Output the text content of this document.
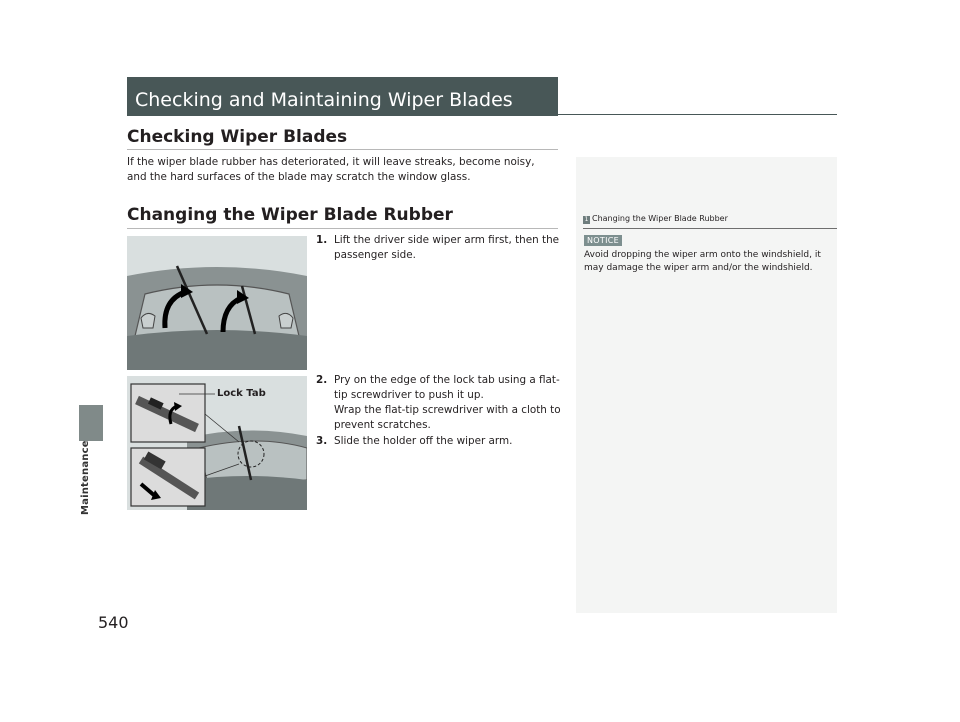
Maintenance
540
Checking and Maintaining Wiper Blades
Checking Wiper Blades
If the wiper blade rubber has deteriorated, it will leave streaks, become noisy, and the hard surfaces of the blade may scratch the window glass.
Changing the Wiper Blade Rubber
Lock Tab
1. Lift the driver side wiper arm first, then the passenger side.
2. Pry on the edge of the lock tab using a flat-tip screwdriver to push it up.
Wrap the flat-tip screwdriver with a cloth to prevent scratches.
3. Slide the holder off the wiper arm.
1 Changing the Wiper Blade Rubber
NOTICE
Avoid dropping the wiper arm onto the windshield, it may damage the wiper arm and/or the windshield.
